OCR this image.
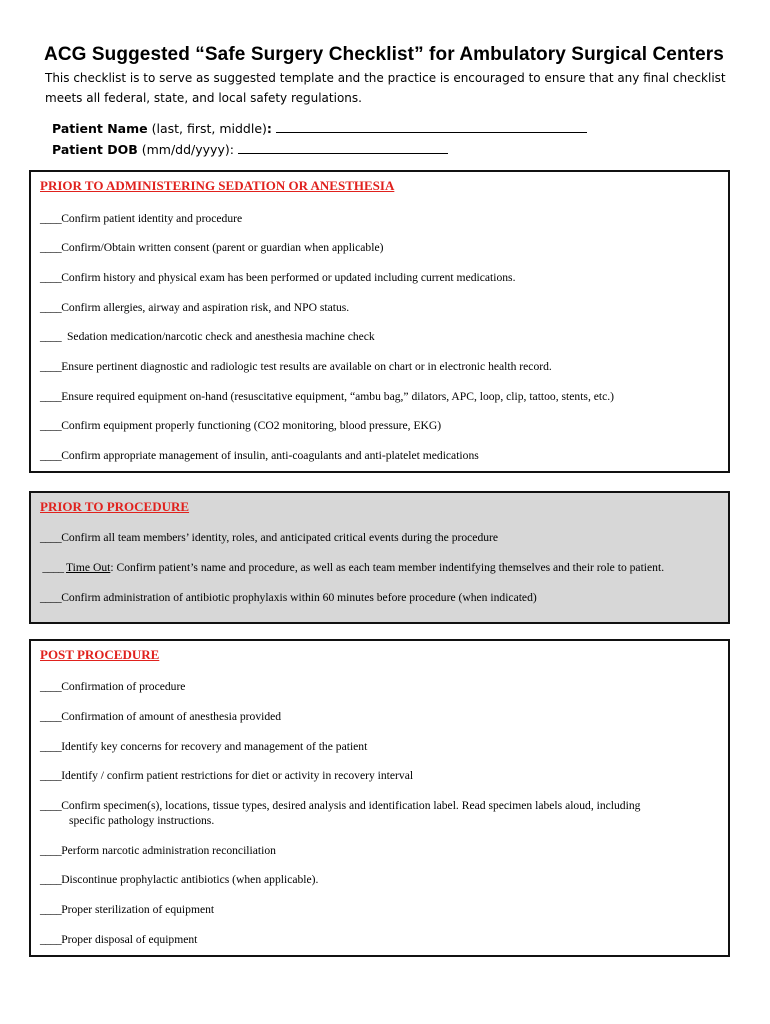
ACG Suggested “Safe Surgery Checklist” for Ambulatory Surgical Centers
This checklist is to serve as suggested template and the practice is encouraged to ensure that any final checklist meets all federal, state, and local safety regulations.
Patient Name (last, first, middle):
Patient DOB (mm/dd/yyyy):
PRIOR TO ADMINISTERING SEDATION OR ANESTHESIA
____Confirm patient identity and procedure
____Confirm/Obtain written consent (parent or guardian when applicable)
____Confirm history and physical exam has been performed or updated including current medications.
____Confirm allergies, airway and aspiration risk, and NPO status.
____  Sedation medication/narcotic check and anesthesia machine check
____Ensure pertinent diagnostic and radiologic test results are available on chart or in electronic health record.
____Ensure required equipment on-hand (resuscitative equipment, “ambu bag,” dilators, APC, loop, clip, tattoo, stents, etc.)
____Confirm equipment properly functioning (CO2 monitoring, blood pressure, EKG)
____Confirm appropriate management of insulin, anti-coagulants and anti-platelet medications
PRIOR TO PROCEDURE
____Confirm all team members’ identity, roles, and anticipated critical events during the procedure
____ Time Out: Confirm patient’s name and procedure, as well as each team member indentifying themselves and their role to patient.
____Confirm administration of antibiotic prophylaxis within 60 minutes before procedure (when indicated)
POST PROCEDURE
____Confirmation of procedure
____Confirmation of amount of anesthesia provided
____Identify key concerns for recovery and management of the patient
____Identify / confirm patient restrictions for diet or activity in recovery interval
____Confirm specimen(s), locations, tissue types, desired analysis and identification label. Read specimen labels aloud, including
specific pathology instructions.
____Perform narcotic administration reconciliation
____Discontinue prophylactic antibiotics (when applicable).
____Proper sterilization of equipment
____Proper disposal of equipment
